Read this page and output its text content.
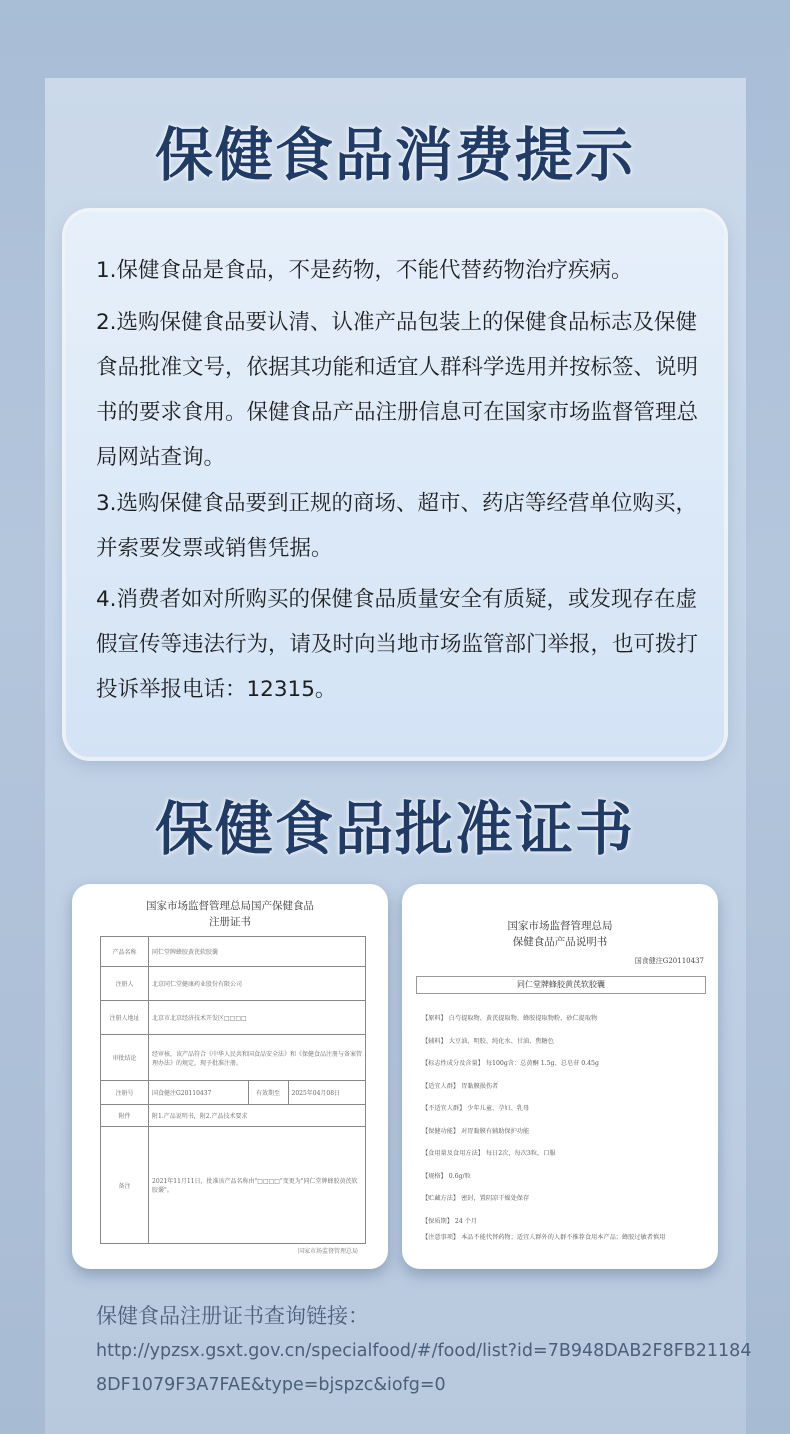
保健食品消费提示

1.保健食品是食品，不是药物，不能代替药物治疗疾病。

2.选购保健食品要认清、认准产品包装上的保健食品标志及保健食品批准文号，依据其功能和适宜人群科学选用并按标签、说明书的要求食用。保健食品产品注册信息可在国家市场监督管理总局网站查询。

3.选购保健食品要到正规的商场、超市、药店等经营单位购买，并索要发票或销售凭据。

4.消费者如对所购买的保健食品质量安全有质疑，或发现存在虚假宣传等违法行为，请及时向当地市场监管部门举报，也可拨打投诉举报电话：12315。

保健食品批准证书
国家市场监督管理总局国产保健食品
注册证书
产品名称	同仁堂牌蜂胶黄芪软胶囊		
注册人	北京同仁堂健康药业股份有限公司		
注册人地址	北京市北京经济技术开发区□□□□		
审批结论	经审核，该产品符合《中华人民共和国食品安全法》和《保健食品注册与备案管理办法》的规定，现予批准注册。		
注册号	国食健注G20110437	有效期至	2025年04月08日
附件	附1.产品说明书，附2.产品技术要求		
备注	2021年11月11日，批准该产品名称由"□□□□"变更为"同仁堂牌蜂胶黄芪软胶囊"。		
国家市场监督管理总局
国家市场监督管理总局
保健食品产品说明书
国食健注G20110437
同仁堂牌蜂胶黄芪软胶囊
【原料】 白芍提取物、黄芪提取物、蜂胶提取物粉、砂仁提取物
【辅料】 大豆油、明胶、纯化水、甘油、焦糖色
【标志性成分及含量】 每100g含：总黄酮 1.5g、总皂苷 0.45g
【适宜人群】 胃黏膜损伤者
【不适宜人群】 少年儿童、孕妇、乳母
【保健功能】 对胃黏膜有辅助保护功能
【食用量及食用方法】 每日2次，每次3粒，口服
【规格】 0.6g/粒
【贮藏方法】 密封，置阴凉干燥处保存
【保质期】 24 个月
【注意事项】 本品不能代替药物；适宜人群外的人群不推荐食用本产品；蜂胶过敏者慎用
保健食品注册证书查询链接：
http://ypzsx.gsxt.gov.cn/specialfood/#/food/list?id=7B948DAB2F8FB211848DF1079F3A7FAE&type=bjspzc&iofg=0
